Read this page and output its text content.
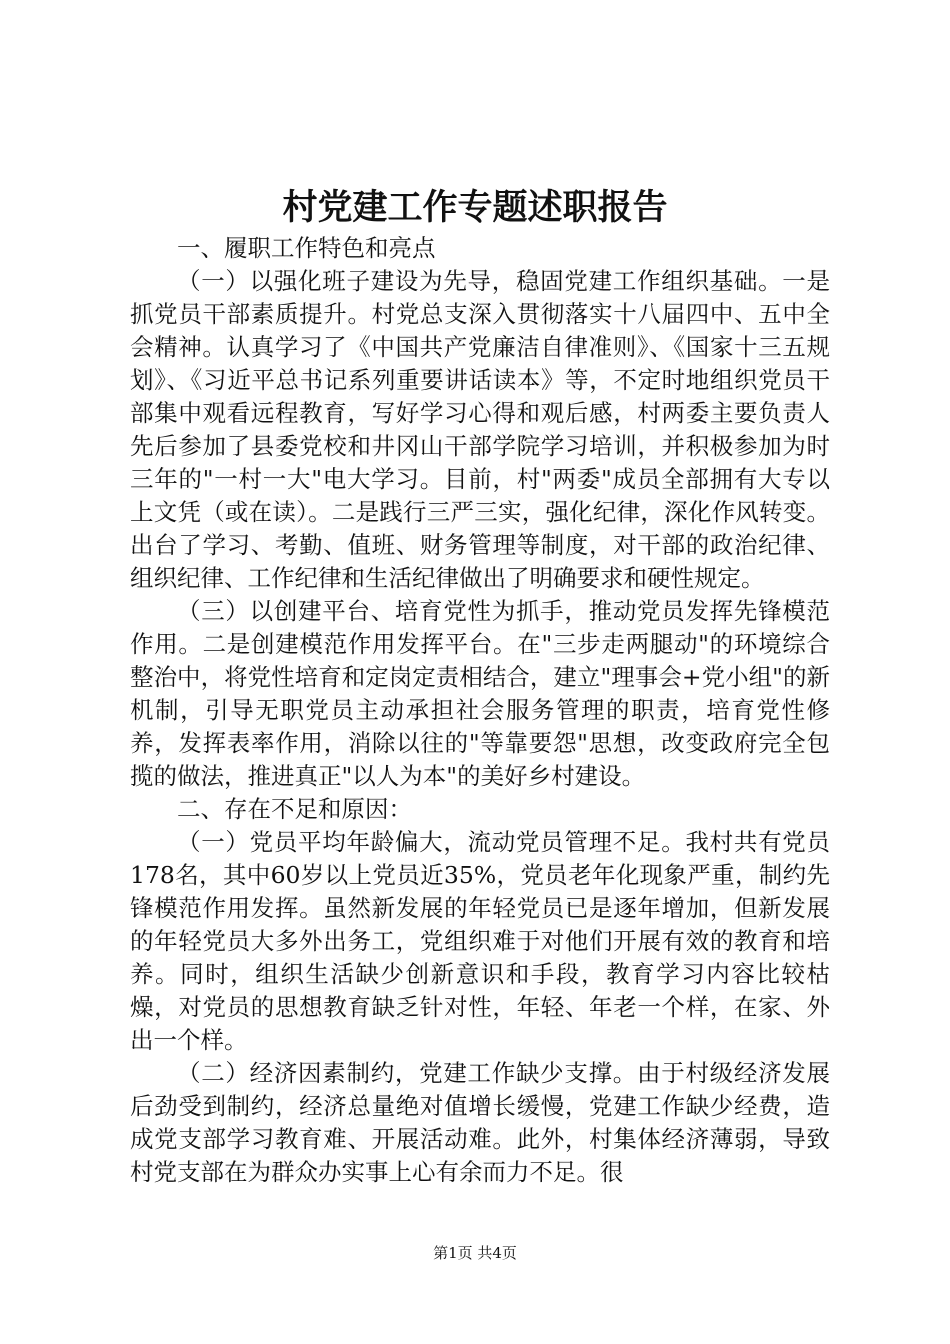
村党建工作专题述职报告

一、履职工作特色和亮点

（一）以强化班子建设为先导，稳固党建工作组织基础。一是抓党员干部素质提升。村党总支深入贯彻落实十八届四中、五中全会精神。认真学习了《中国共产党廉洁自律准则》、《国家十三五规划》、《习近平总书记系列重要讲话读本》等，不定时地组织党员干部集中观看远程教育，写好学习心得和观后感，村两委主要负责人先后参加了县委党校和井冈山干部学院学习培训，并积极参加为时三年的"一村一大"电大学习。目前，村"两委"成员全部拥有大专以上文凭（或在读）。二是践行三严三实，强化纪律，深化作风转变。出台了学习、考勤、值班、财务管理等制度，对干部的政治纪律、组织纪律、工作纪律和生活纪律做出了明确要求和硬性规定。

（三）以创建平台、培育党性为抓手，推动党员发挥先锋模范作用。二是创建模范作用发挥平台。在"三步走两腿动"的环境综合整治中，将党性培育和定岗定责相结合，建立"理事会+党小组"的新机制，引导无职党员主动承担社会服务管理的职责，培育党性修养，发挥表率作用，消除以往的"等靠要怨"思想，改变政府完全包揽的做法，推进真正"以人为本"的美好乡村建设。

二、存在不足和原因：

（一）党员平均年龄偏大，流动党员管理不足。我村共有党员178名，其中60岁以上党员近35%，党员老年化现象严重，制约先锋模范作用发挥。虽然新发展的年轻党员已是逐年增加，但新发展的年轻党员大多外出务工，党组织难于对他们开展有效的教育和培养。同时，组织生活缺少创新意识和手段，教育学习内容比较枯燥，对党员的思想教育缺乏针对性，年轻、年老一个样，在家、外出一个样。

（二）经济因素制约，党建工作缺少支撑。由于村级经济发展后劲受到制约，经济总量绝对值增长缓慢，党建工作缺少经费，造成党支部学习教育难、开展活动难。此外，村集体经济薄弱，导致村党支部在为群众办实事上心有余而力不足。很

第1页 共4页
